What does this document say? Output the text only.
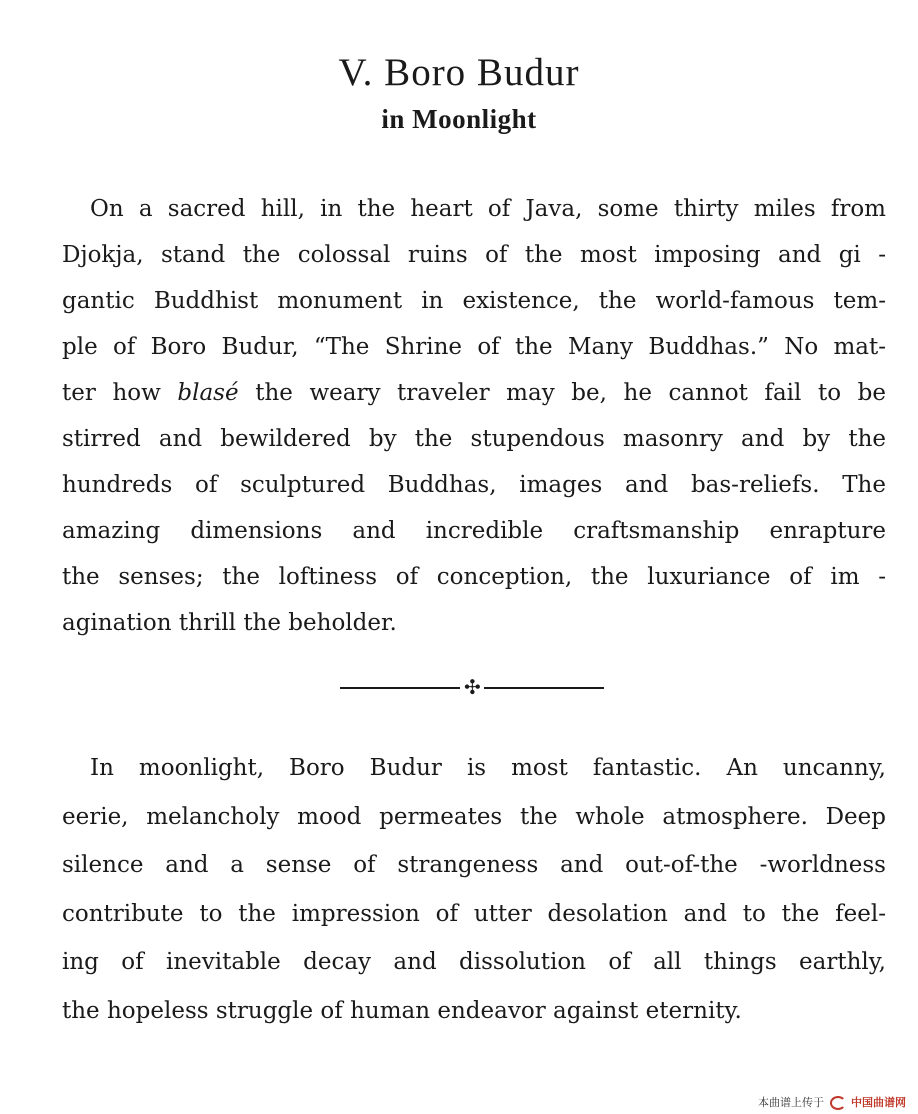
V. Boro Budur
in Moonlight
On a sacred hill, in the heart of Java, some thirty miles from
Djokja, stand the colossal ruins of the most imposing and gi -
gantic Buddhist monument in existence, the world-famous tem-
ple of Boro Budur, “The Shrine of the Many Buddhas.” No mat-
ter how blasé the weary traveler may be, he cannot fail to be
stirred and bewildered by the stupendous masonry and by the
hundreds of sculptured Buddhas, images and bas-reliefs. The
amazing dimensions and incredible craftsmanship enrapture
the senses; the loftiness of conception, the luxuriance of im -
agination thrill the beholder.
✣
In moonlight, Boro Budur is most fantastic. An uncanny,
eerie, melancholy mood permeates the whole atmosphere. Deep
silence and a sense of strangeness and out-of-the -worldness
contribute to the impression of utter desolation and to the feel-
ing of inevitable decay and dissolution of all things earthly,
the hopeless struggle of human endeavor against eternity.
本曲谱上传于 中国曲谱网
